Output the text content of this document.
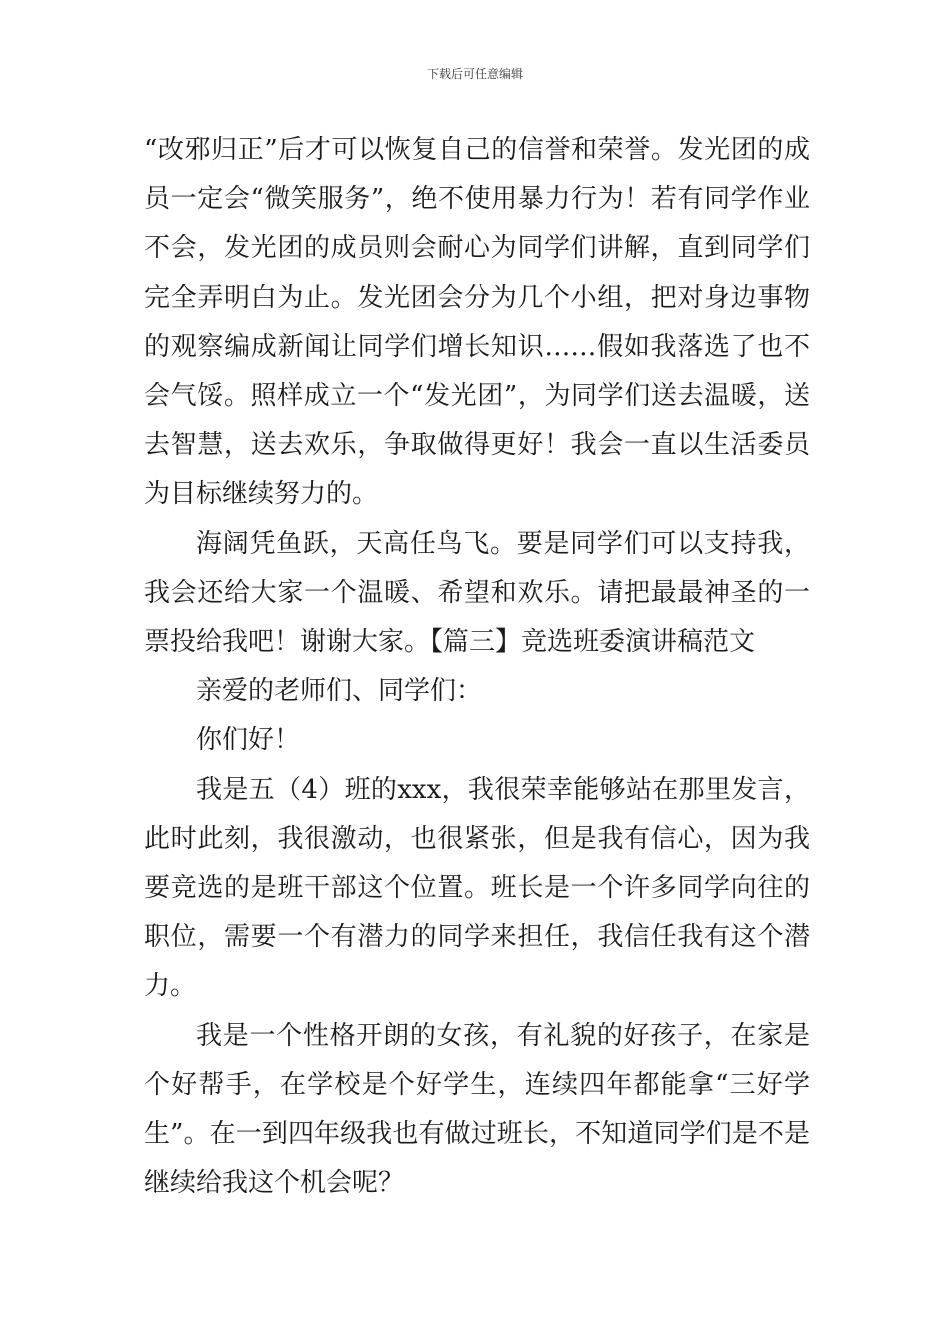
下载后可任意编辑

“改邪归正”后才可以恢复自己的信誉和荣誉。发光团的成员一定会“微笑服务”，绝不使用暴力行为！若有同学作业不会，发光团的成员则会耐心为同学们讲解，直到同学们完全弄明白为止。发光团会分为几个小组，把对身边事物的观察编成新闻让同学们增长知识……假如我落选了也不会气馁。照样成立一个“发光团”，为同学们送去温暖，送去智慧，送去欢乐，争取做得更好！我会一直以生活委员为目标继续努力的。

海阔凭鱼跃，天高任鸟飞。要是同学们可以支持我，我会还给大家一个温暖、希望和欢乐。请把最最神圣的一票投给我吧！谢谢大家。【篇三】竞选班委演讲稿范文

亲爱的老师们、同学们：

你们好！

我是五（4）班的xxx，我很荣幸能够站在那里发言，此时此刻，我很激动，也很紧张，但是我有信心，因为我要竞选的是班干部这个位置。班长是一个许多同学向往的职位，需要一个有潜力的同学来担任，我信任我有这个潜力。

我是一个性格开朗的女孩，有礼貌的好孩子，在家是个好帮手，在学校是个好学生，连续四年都能拿“三好学生”。在一到四年级我也有做过班长，不知道同学们是不是继续给我这个机会呢？
